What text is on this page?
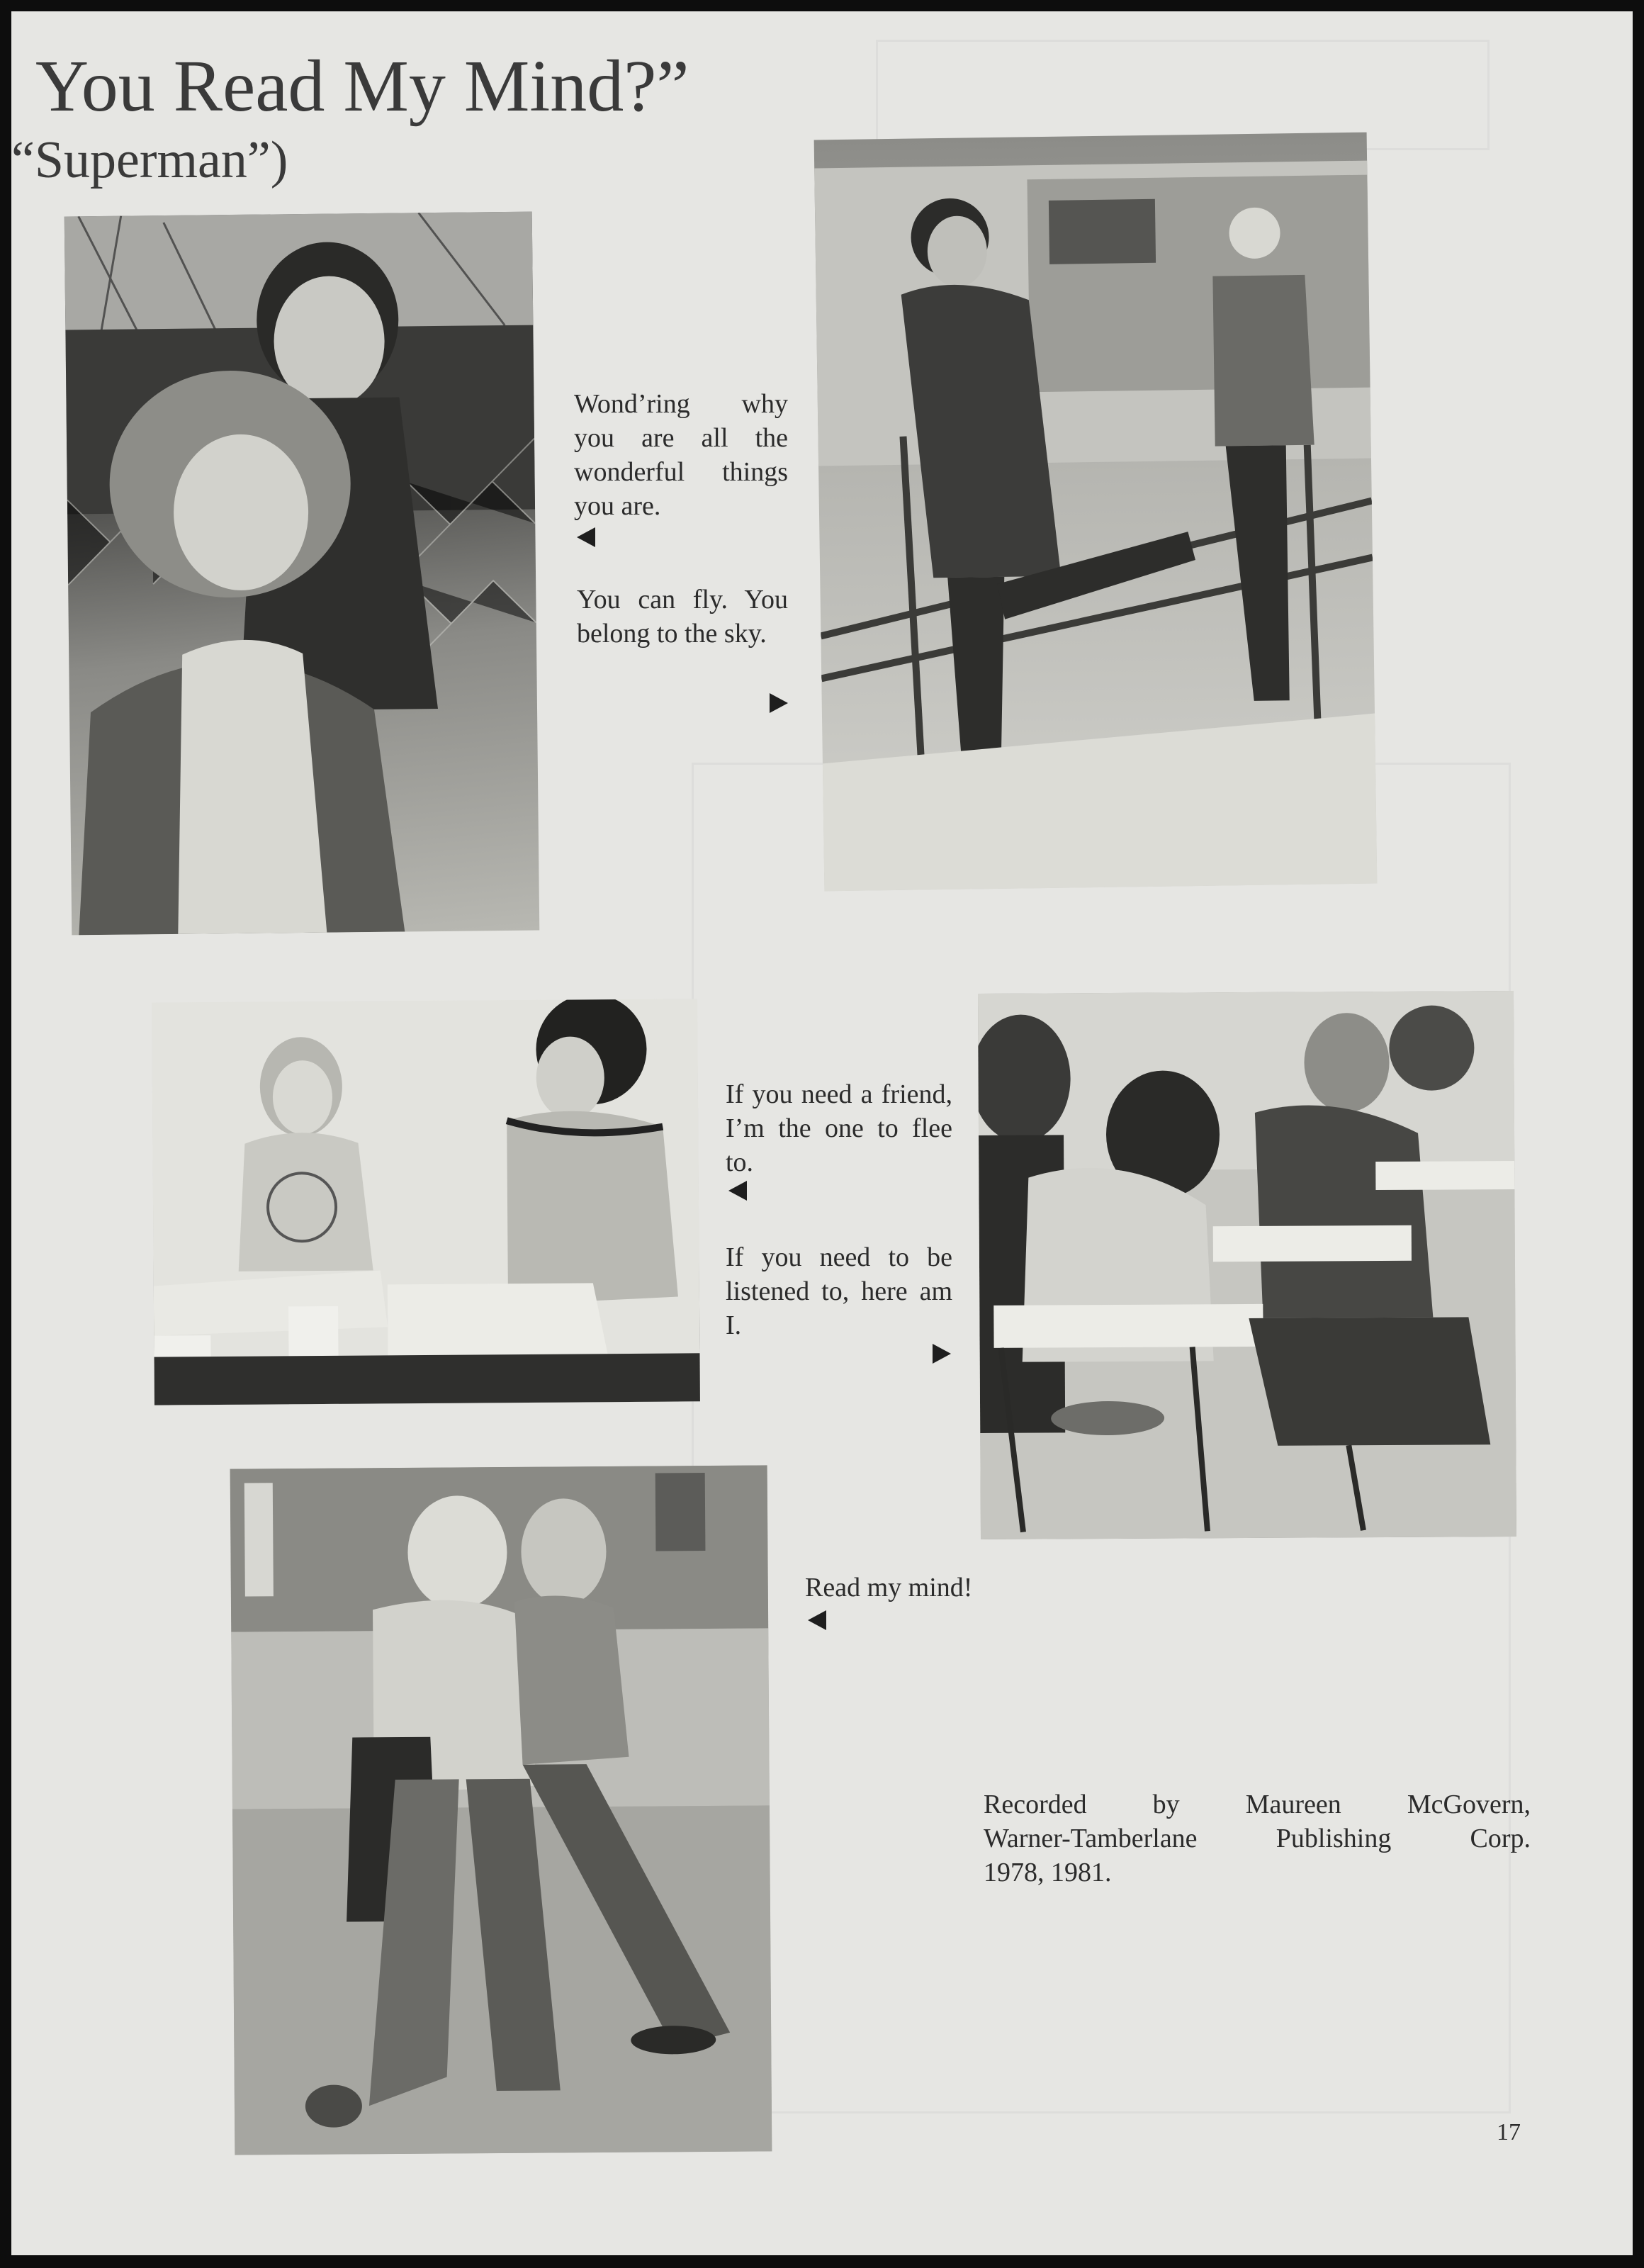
You Read My Mind?”
“Superman”)

Wond’ring why you are all the wonderful things you are.

You can fly. You belong to the sky.

If you need a friend, I’m the one to flee to.

If you need to be listened to, here am I.

Read my mind!

Recorded by Maureen McGovern,
Warner-Tamberlane Publishing Corp.
1978, 1981.

17
